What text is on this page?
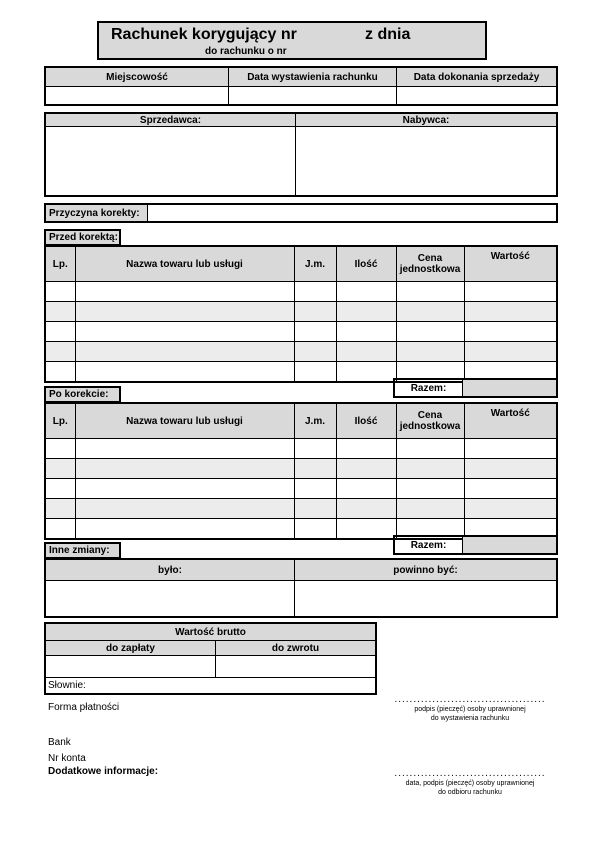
Rachunek korygujący nr	z dnia
do rachunku o nr
Miejscowość	Data wystawienia rachunku	Data dokonania sprzedaży
Sprzedawca:	Nabywca:
Przyczyna korekty:
Przed korektą:
Lp.	Nazwa towaru lub usługi	J.m.	Ilość	Cena jednostkowa	Wartość

Razem:
Po korekcie:
Lp.	Nazwa towaru lub usługi	J.m.	Ilość	Cena jednostkowa	Wartość

Razem:
Inne zmiany:
było:	powinno być:
Wartość brutto
do zapłaty	do zwrotu
Słownie:
Forma płatności
Bank
Nr konta
Dodatkowe informacje:
........................................
podpis (pieczęć) osoby uprawnionej
do wystawienia rachunku
........................................
data, podpis (pieczęć) osoby uprawnionej
do odbioru rachunku
